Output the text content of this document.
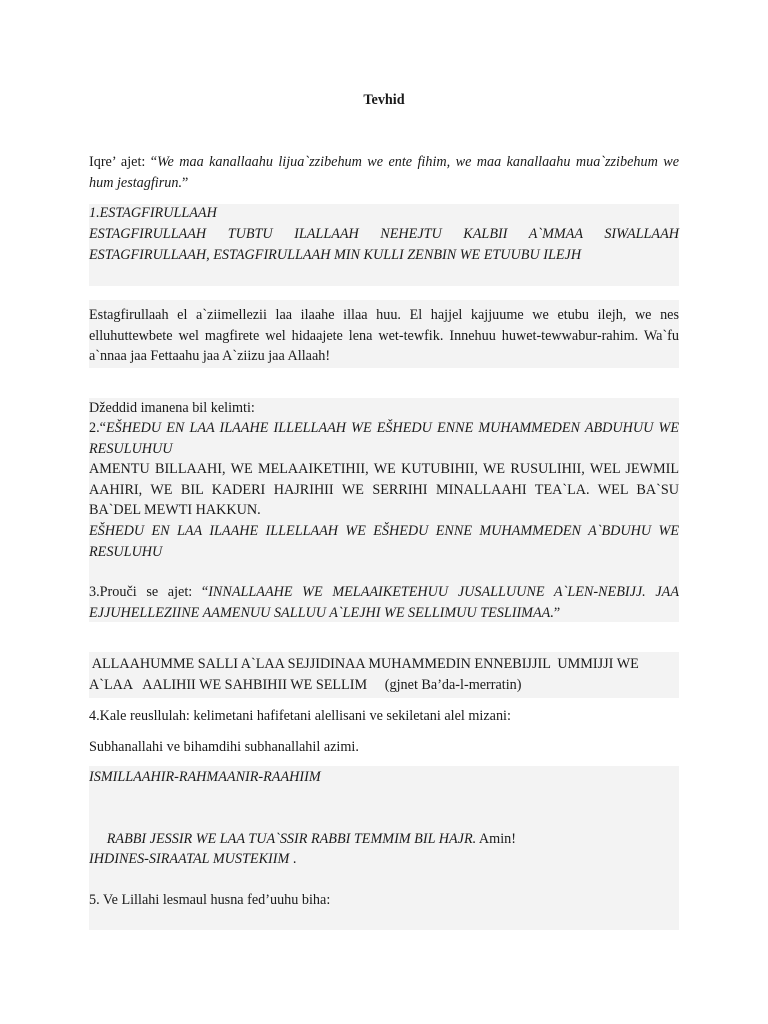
Tevhid

Iqre’ ajet: “We maa kanallaahu lijua`zzibehum we ente fihim, we maa kanallaahu mua`zzibehum we hum jestagfirun.”

1.ESTAGFIRULLAAH

ESTAGFIRULLAAH TUBTU ILALLAAH NEHEJTU KALBII A`MMAA SIWALLAAH ESTAGFIRULLAAH, ESTAGFIRULLAAH MIN KULLI ZENBIN WE ETUUBU ILEJH

Estagfirullaah el a`ziimellezii laa ilaahe illaa huu. El hajjel kajjuume we etubu ilejh, we nes elluhuttewbete wel magfirete wel hidaajete lena wet-tewfik. Innehuu huwet-tewwabur-rahim. Wa`fu a`nnaa jaa Fettaahu jaa A`ziizu jaa Allaah!

Džeddid imanena bil kelimti:

2.“EŠHEDU EN LAA ILAAHE ILLELLAAH WE EŠHEDU ENNE MUHAMMEDEN ABDUHUU WE RESULUHUU

AMENTU BILLAAHI, WE MELAAIKETIHII, WE KUTUBIHII, WE RUSULIHII, WEL JEWMIL AAHIRI, WE BIL KADERI HAJRIHII WE SERRIHI MINALLAAHI TEA`LA. WEL BA`SU BA`DEL MEWTI HAKKUN.

EŠHEDU EN LAA ILAAHE ILLELLAAH WE EŠHEDU ENNE MUHAMMEDEN A`BDUHU WE RESULUHU

3.Prouči se ajet: “INNALLAAHE WE MELAAIKETEHUU JUSALLUUNE A`LEN-NEBIJJ. JAA EJJUHELLEZIINE AAMENUU SALLUU A`LEJHI WE SELLIMUU TESLIIMAA.”

ALLAAHUMME SALLI A`LAA SEJJIDINAA MUHAMMEDIN ENNEBIJJIL  UMMIJJI WE

A`LAA   AALIHII WE SAHBIHII WE SELLIM     (gjnet Ba’da-l-merratin)

4.Kale reusllulah: kelimetani hafifetani alellisani ve sekiletani alel mizani:

Subhanallahi ve bihamdihi subhanallahil azimi.

ISMILLAAHIR-RAHMAANIR-RAAHIIM

RABBI JESSIR WE LAA TUA`SSIR RABBI TEMMIM BIL HAJR. Amin!

IHDINES-SIRAATAL MUSTEKIIM .

5. Ve Lillahi lesmaul husna fed’uuhu biha:
